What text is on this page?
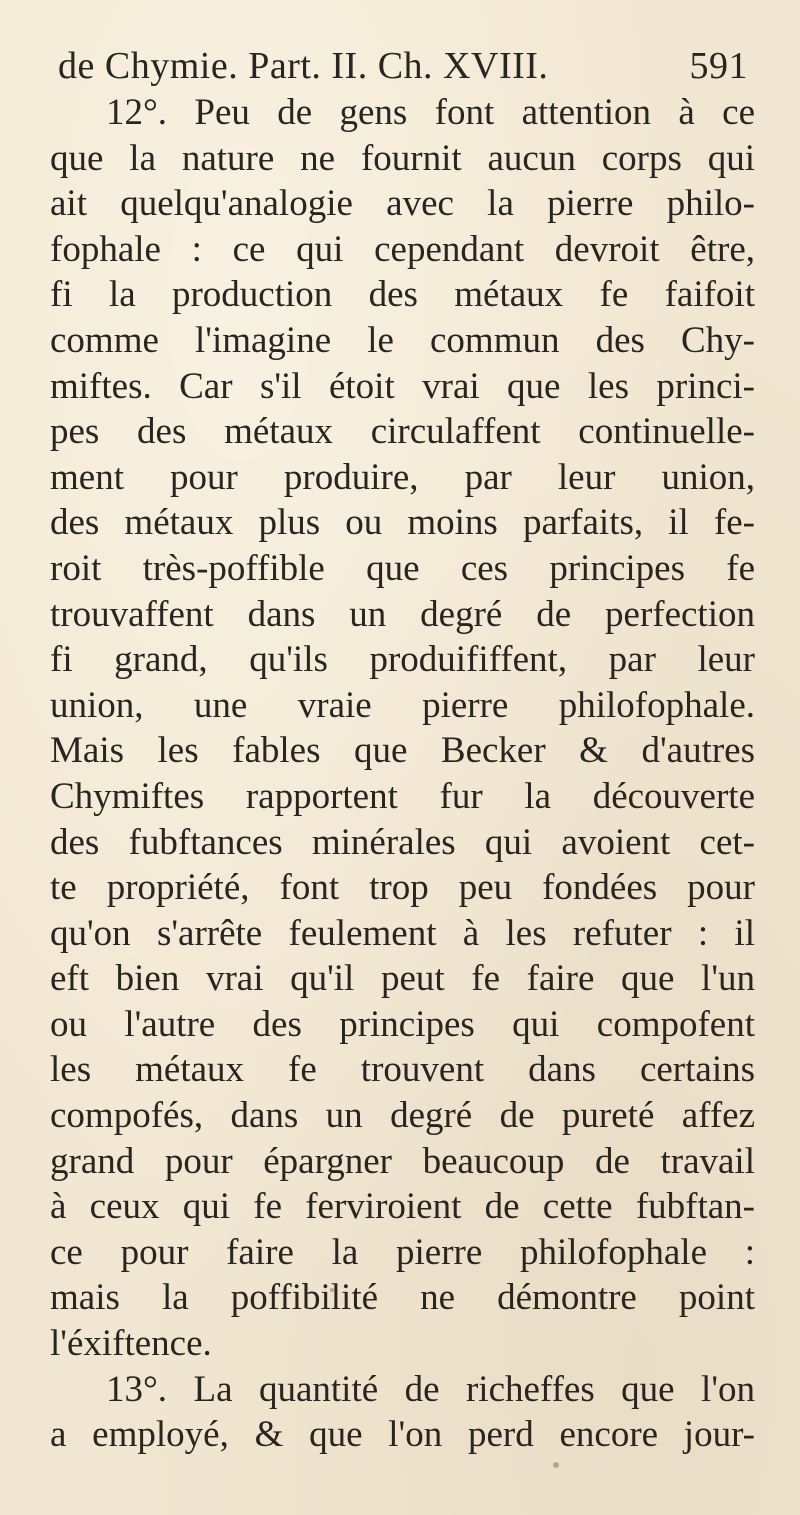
de Chymie. Part. II. Ch. XVIII.	591
12°. Peu de gens font attention à ce
que la nature ne fournit aucun corps qui
ait quelqu'analogie avec la pierre philo-
fophale : ce qui cependant devroit être,
fi la production des métaux fe faifoit
comme l'imagine le commun des Chy-
miftes. Car s'il étoit vrai que les princi-
pes des métaux circulaffent continuelle-
ment pour produire, par leur union,
des métaux plus ou moins parfaits, il fe-
roit très-poffible que ces principes fe
trouvaffent dans un degré de perfection
fi grand, qu'ils produififfent, par leur
union, une vraie pierre philofophale.
Mais les fables que Becker & d'autres
Chymiftes rapportent fur la découverte
des fubftances minérales qui avoient cet-
te propriété, font trop peu fondées pour
qu'on s'arrête feulement à les refuter : il
eft bien vrai qu'il peut fe faire que l'un
ou l'autre des principes qui compofent
les métaux fe trouvent dans certains
compofés, dans un degré de pureté affez
grand pour épargner beaucoup de travail
à ceux qui fe ferviroient de cette fubftan-
ce pour faire la pierre philofophale :
mais la poffibilité ne démontre point
l'éxiftence.
13°. La quantité de richeffes que l'on
a employé, & que l'on perd encore jour-
